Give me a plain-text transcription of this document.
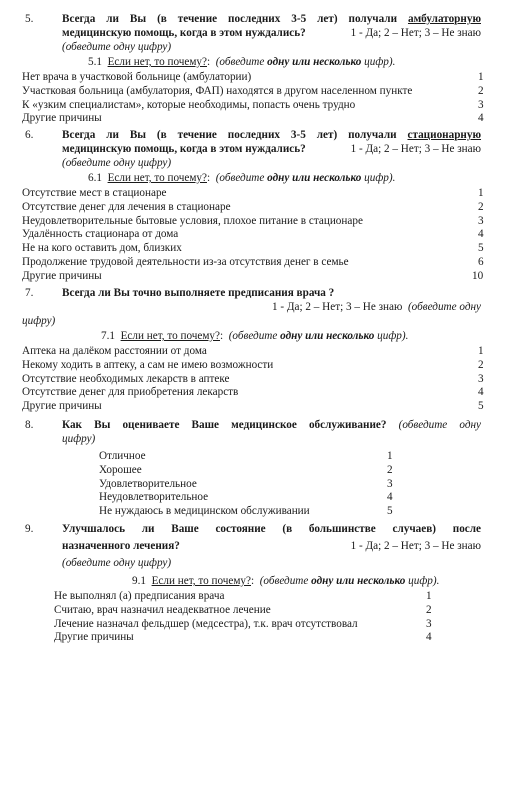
5.	Всегда ли Вы (в течение последних 3-5 лет) получали амбулаторную
медицинскую помощь, когда в этом нуждались?	1 - Да; 2 – Нет; 3 – Не знаю
(обведите одну цифру)
5.1 Если нет, то почему?: (обведите одну или несколько цифр).
Нет врача в участковой больнице (амбулатории)	1
Участковая больница (амбулатория, ФАП) находятся в другом населенном пункте	2
К «узким специалистам», которые необходимы, попасть очень трудно	3
Другие причины	4
6.	Всегда ли Вы (в течение последних 3-5 лет) получали стационарную
медицинскую помощь, когда в этом нуждались?	1 - Да; 2 – Нет; 3 – Не знаю
(обведите одну цифру)
6.1 Если нет, то почему?: (обведите одну или несколько цифр).
Отсутствие мест в стационаре	1
Отсутствие денег для лечения в стационаре	2
Неудовлетворительные бытовые условия, плохое питание в стационаре	3
Удалённость стационара от дома	4
Не на кого оставить дом, близких	5
Продолжение трудовой деятельности из-за отсутствия денег в семье	6
Другие причины	10
7.	Всегда ли Вы точно выполняете предписания врача ?
1 - Да; 2 – Нет; 3 – Не знаю (обведите одну
цифру)
7.1 Если нет, то почему?: (обведите одну или несколько цифр).
Аптека на далёком расстоянии от дома	1
Некому ходить в аптеку, а сам не имею возможности	2
Отсутствие необходимых лекарств в аптеке	3
Отсутствие денег для приобретения лекарств	4
Другие причины	5
8.	Как Вы оцениваете Ваше медицинское обслуживание? (обведите одну
цифру)
Отличное	1
Хорошее	2
Удовлетворительное	3
Неудовлетворительное	4
Не нуждаюсь в медицинском обслуживании	5
9.	Улучшалось ли Ваше состояние (в большинстве случаев) после
назначенного лечения?	1 - Да; 2 – Нет; 3 – Не знаю
(обведите одну цифру)
9.1 Если нет, то почему?: (обведите одну или несколько цифр).
Не выполнял (а) предписания врача	1
Считаю, врач назначил неадекватное лечение	2
Лечение назначал фельдшер (медсестра), т.к. врач отсутствовал	3
Другие причины	4
